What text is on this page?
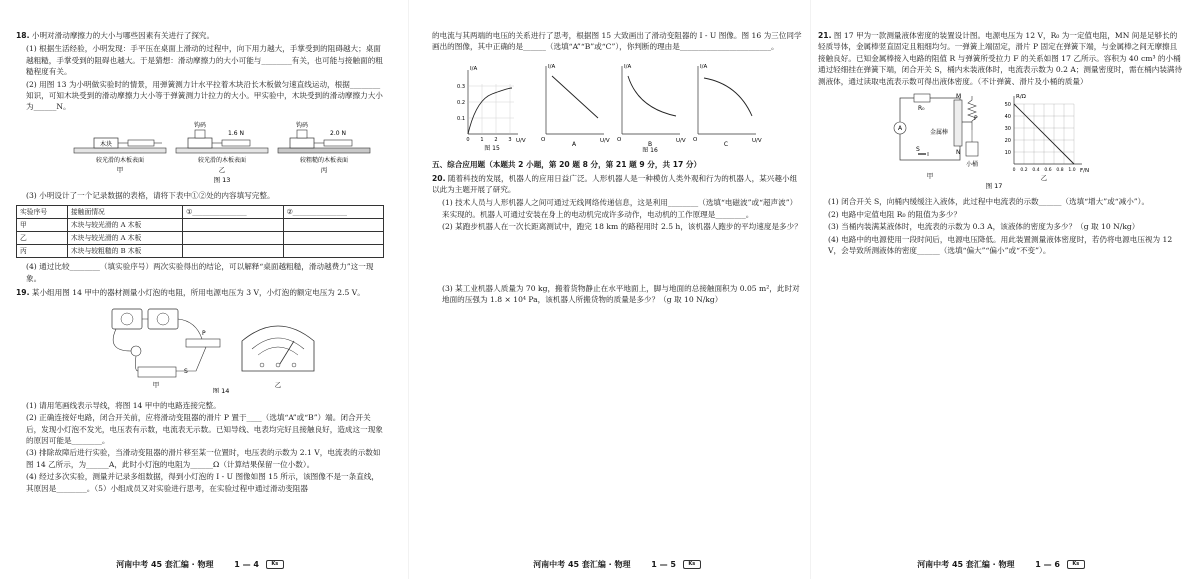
18. 小明对滑动摩擦力的大小与哪些因素有关进行了探究。
(1) 根据生活经验，小明发现：手平压在桌面上滑动的过程中，向下用力越大，手掌受到的阻碍越大；桌面越粗糙，手掌受到的阻碍也越大。于是猜想：滑动摩擦力的大小可能与________有关，也可能与接触面的粗糙程度有关。
(2) 用图 13 为小明做实验时的情景，用弹簧测力计水平拉着木块沿长木板做匀速直线运动，根据________知识，可知木块受到的滑动摩擦力大小等于弹簧测力计拉力的大小。甲实验中，木块受到的滑动摩擦力大小为______N。
木块
较光滑的木板表面
甲
钩码
1.6 N
较光滑的木板表面
乙
钩码
2.0 N
较粗糙的木板表面
丙
图 13
(3) 小明设计了一个记录数据的表格，请将下表中①②处的内容填写完整。
实验序号	接触面情况	①________________	②________________
甲	木块与较光滑的 A 木板		
乙	木块与较光滑的 A 木板		
丙	木块与较粗糙的 B 木板		
(4) 通过比较________（填实验序号）两次实验得出的结论，可以解释“桌面越粗糙，滑动越费力”这一现象。
19. 某小组用图 14 甲中的器材测量小灯泡的电阻，所用电源电压为 3 V，小灯泡的额定电压为 2.5 V。
P
S
甲	乙
图 14
(1) 请用笔画线表示导线，将图 14 甲中的电路连接完整。
(2) 正确连接好电路，闭合开关前，应将滑动变阻器的滑片 P 置于____（选填“A”或“B”）端。闭合开关后，发现小灯泡不发光，电压表有示数，电流表无示数。已知导线、电表均完好且接触良好，造成这一现象的原因可能是________。
(3) 排除故障后进行实验，当滑动变阻器的滑片移至某一位置时，电压表的示数为 2.1 V，电流表的示数如图 14 乙所示，为______A，此时小灯泡的电阻为______Ω（计算结果保留一位小数）。
(4) 经过多次实验，测量并记录多组数据，得到小灯泡的 I - U 图像如图 15 所示，该图像不是一条直线，其原因是________。（5）小组成员又对实验进行思考，在实验过程中通过滑动变阻器
河南中考 45 套汇编 · 物理	1 — 4 Ks
的电流与其两端的电压的关系进行了思考，根据图 15 大致画出了滑动变阻器的 I - U 图像。图 16 为三位同学画出的图像，其中正确的是______（选填“A”“B”或“C”），你判断的理由是________________________。
I/A
U/V
0.1
0.2
0.3
0 1 2 3
图 15
I/A
U/V
O
A
I/A
U/V
O
B
I/A
U/V
O
C
图 16
五、综合应用题（本题共 2 小题，第 20 题 8 分，第 21 题 9 分，共 17 分）
20. 随着科技的发展，机器人的应用日益广泛。人形机器人是一种模仿人类外观和行为的机器人，某兴趣小组以此为主题开展了研究。
(1) 技术人员与人形机器人之间可通过无线网络传递信息，这是利用________（选填“电磁波”或“超声波”）来实现的。机器人可通过安装在身上的电动机完成许多动作，电动机的工作原理是________。
(2) 某跑步机器人在一次长距离测试中，跑完 18 km 的路程用时 2.5 h，该机器人跑步的平均速度是多少？
(3) 某工业机器人质量为 70 kg，搬着货物静止在水平地面上，脚与地面的总接触面积为 0.05 m²，此时对地面的压强为 1.8 × 10⁴ Pa，该机器人所搬货物的质量是多少？（g 取 10 N/kg）
河南中考 45 套汇编 · 物理	1 — 5 Ks
21. 图 17 甲为一款测量液体密度的装置设计图。电源电压为 12 V，R₀ 为一定值电阻，MN 间是足够长的轻质导体，金属棒竖直固定且粗细均匀。一弹簧上端固定，滑片 P 固定在弹簧下端，与金属棒之间无摩擦且接触良好。已知金属棒接入电路的阻值 R 与弹簧所受拉力 F 的关系如图 17 乙所示。容积为 40 cm³ 的小桶通过轻细挂在弹簧下端，闭合开关 S，桶内未装液体时，电流表示数为 0.2 A；测量密度时，需在桶内装满待测液体，通过读取电流表示数可得出液体密度。（不计弹簧、滑片及小桶的质量）
R₀
A
S
M
N
金属棒
P
小桶
甲
R/Ω
F/N
10
20
30
40
50
0 0.2 0.4 0.6 0.8 1.0
乙
图 17
(1) 闭合开关 S，向桶内缓缓注入液体，此过程中电流表的示数______（选填“增大”或“减小”）。
(2) 电路中定值电阻 R₀ 的阻值为多少？
(3) 当桶内装满某液体时，电流表的示数为 0.3 A，该液体的密度为多少？（g 取 10 N/kg）
(4) 电路中的电源使用一段时间后，电源电压降低。用此装置测量液体密度时，若仍将电源电压视为 12 V，会导致所测液体的密度______（选填“偏大”“偏小”或“不变”）。
河南中考 45 套汇编 · 物理	1 — 6 Ks
